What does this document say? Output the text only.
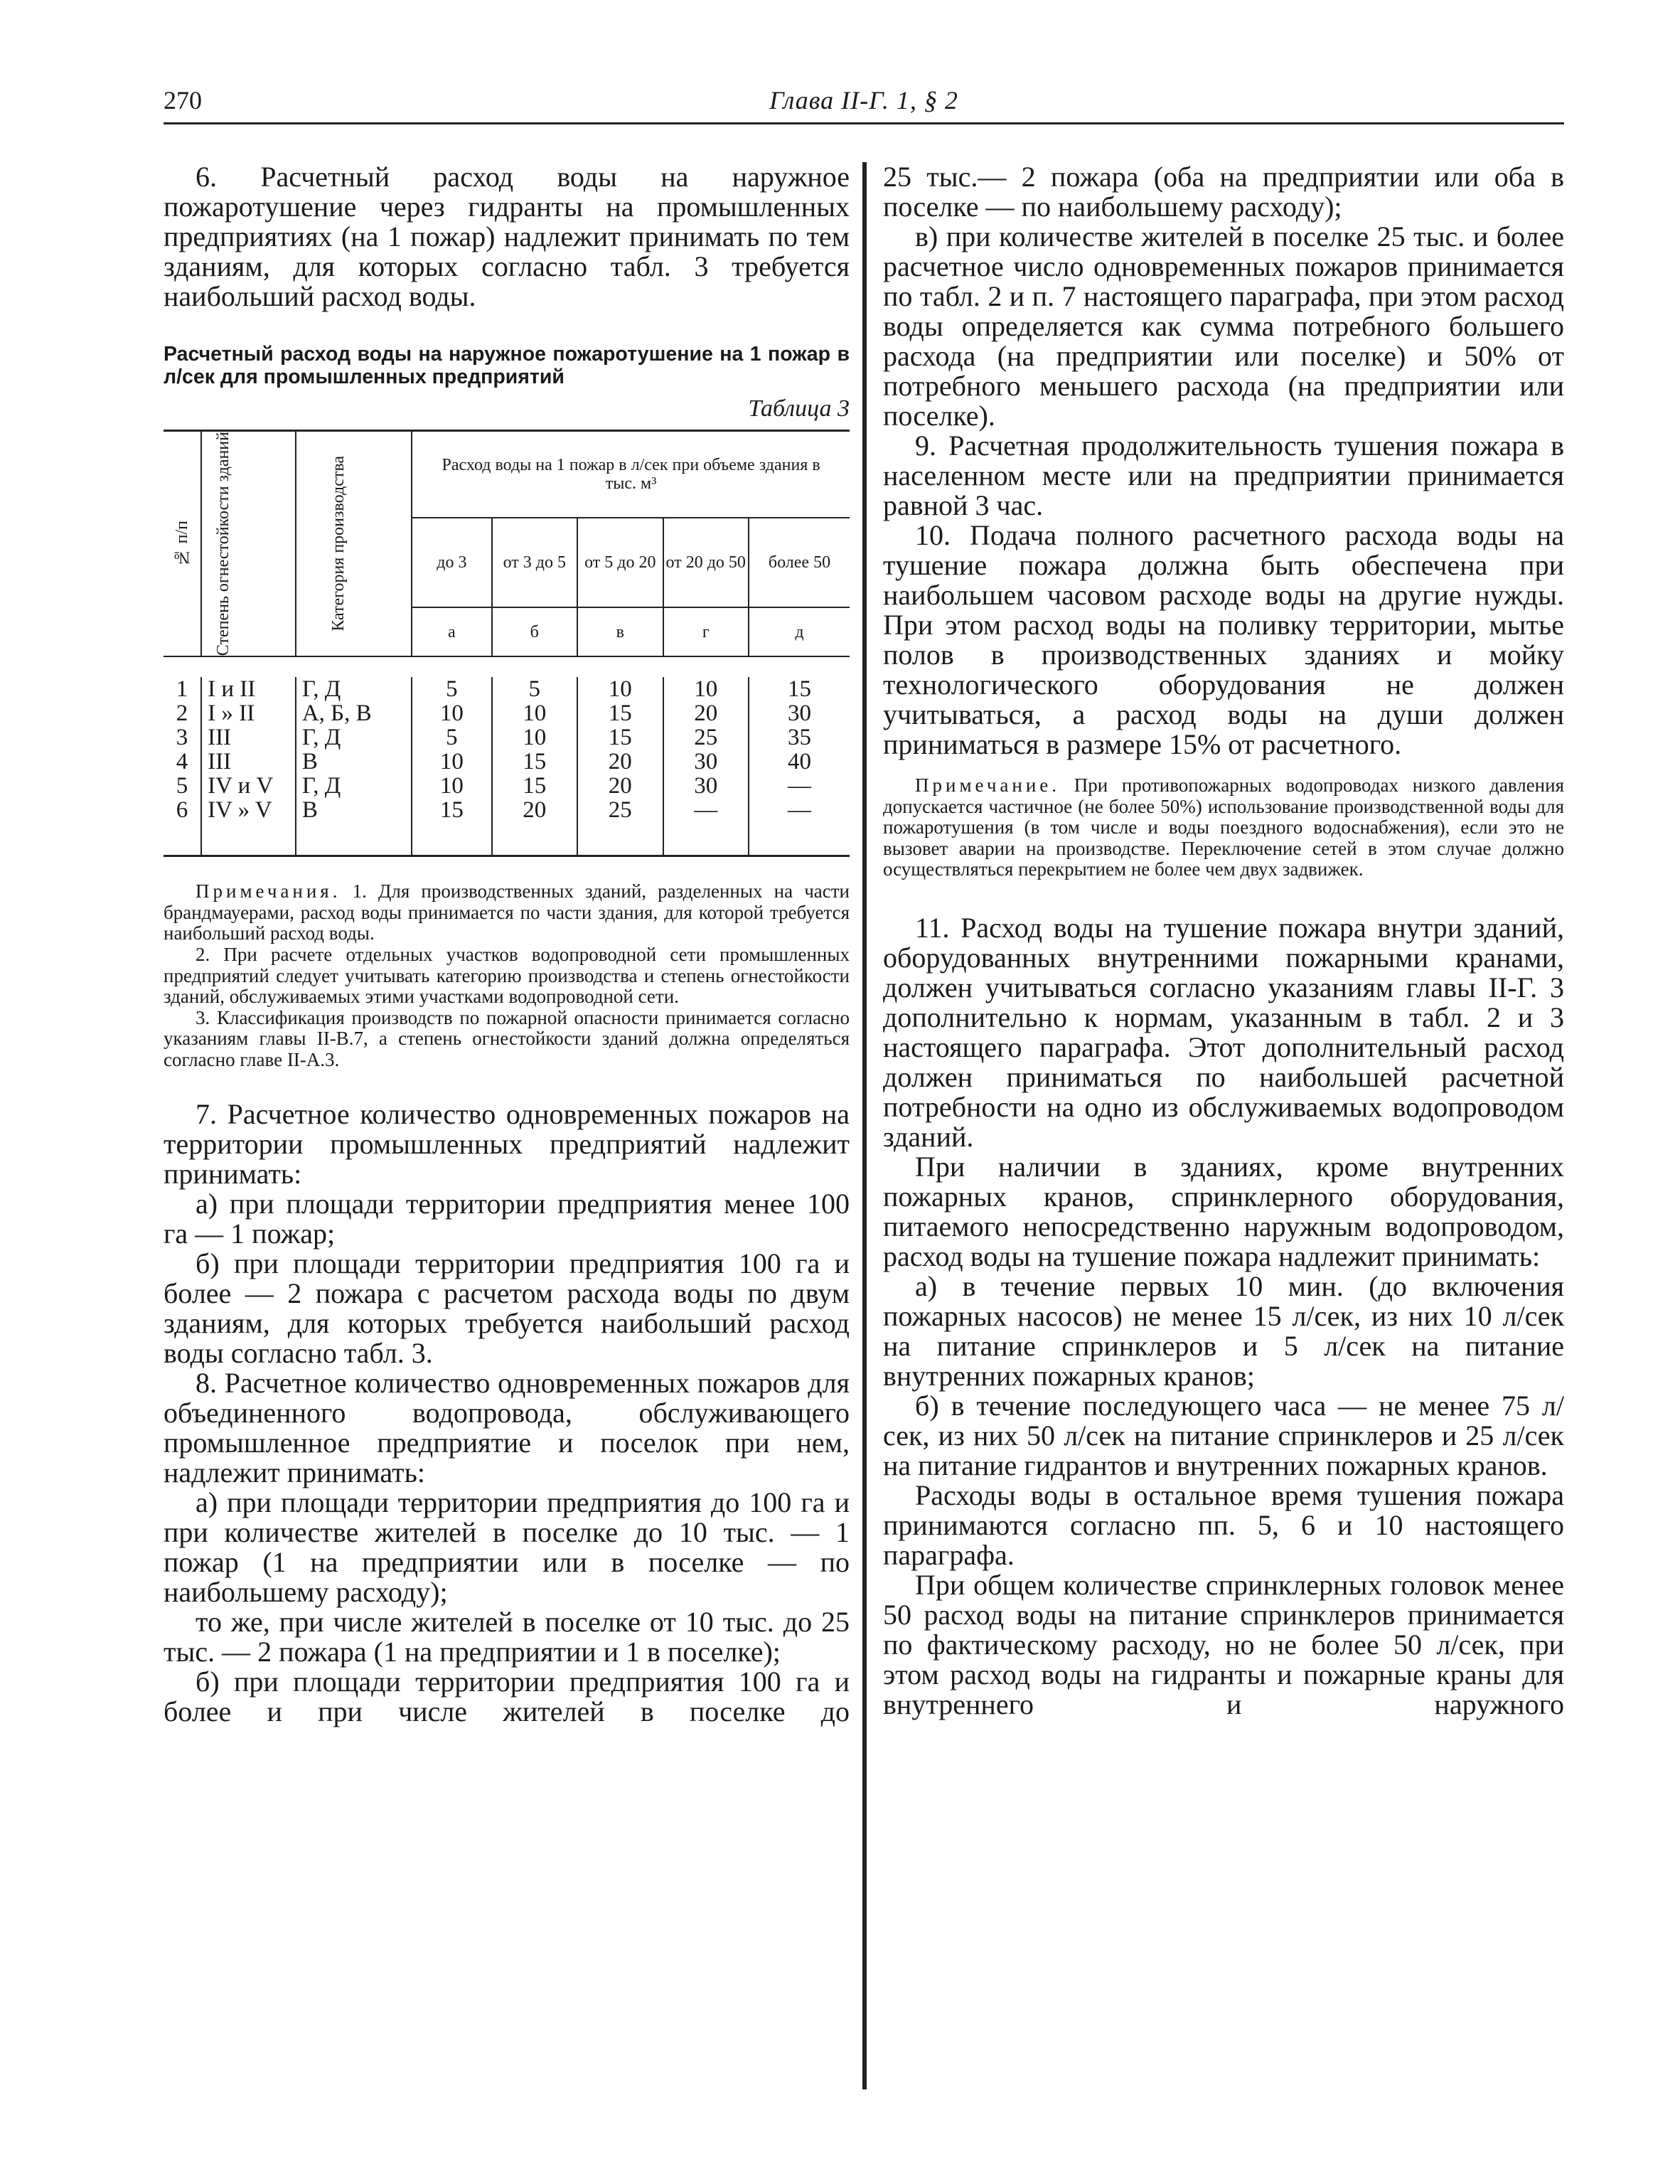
270	Глава II-Г. 1, § 2

6. Расчетный расход воды на наружное пожаротушение через гидранты на промышленных предприятиях (на 1 пожар) надлежит принимать по тем зданиям, для которых согласно табл. 3 требуется наибольший расход воды.

Расчетный расход воды на наружное пожаротушение на 1 пожар в л/сек для промышленных предприятий

Таблица 3
№ п/п	Степень огнестойкости зданий	Категория производства	Расход воды на 1 пожар в л/сек при объеме здания в тыс. м³				
			до 3	от 3 до 5	от 5 до 20	от 20 до 50	более 50
			а	б	в	г	д

1	I и II	Г, Д	5	5	10	10	15
2	I » II	А, Б, В	10	10	15	20	30
3	III	Г, Д	5	10	15	25	35
4	III	В	10	15	20	30	40
5	IV и V	Г, Д	10	15	20	30	—
6	IV » V	В	15	20	25	—	—

Примечания. 1. Для производственных зданий, разделенных на части брандмауерами, расход воды принимается по части здания, для которой требуется наибольший расход воды.

2. При расчете отдельных участков водопроводной сети промышленных предприятий следует учитывать категорию производства и степень огнестойкости зданий, обслуживаемых этими участками водопроводной сети.

3. Классификация производств по пожарной опасности принимается согласно указаниям главы II-В.7, а степень огнестойкости зданий должна определяться согласно главе II-А.3.

7. Расчетное количество одновременных пожаров на территории промышленных предприятий надлежит принимать:

а) при площади территории предприятия менее 100 га — 1 пожар;

б) при площади территории предприятия 100 га и более — 2 пожара с расчетом расхода воды по двум зданиям, для которых требуется наибольший расход воды согласно табл. 3.

8. Расчетное количество одновременных пожаров для объединенного водопровода, обслуживающего промышленное предприятие и поселок при нем, надлежит принимать:

а) при площади территории предприятия до 100 га и при количестве жителей в поселке до 10 тыс. — 1 пожар (1 на предприятии или в поселке — по наибольшему расходу);

то же, при числе жителей в поселке от 10 тыс. до 25 тыс. — 2 пожара (1 на предприятии и 1 в поселке);

б) при площади территории предприятия 100 га и более и при числе жителей в поселке до

25 тыс.— 2 пожара (оба на предприятии или оба в поселке — по наибольшему расходу);

в) при количестве жителей в поселке 25 тыс. и более расчетное число одновременных пожаров принимается по табл. 2 и п. 7 настоящего параграфа, при этом расход воды определяется как сумма потребного большего расхода (на предприятии или поселке) и 50% от потребного меньшего расхода (на предприятии или поселке).

9. Расчетная продолжительность тушения пожара в населенном месте или на предприятии принимается равной 3 час.

10. Подача полного расчетного расхода воды на тушение пожара должна быть обеспечена при наибольшем часовом расходе воды на другие нужды. При этом расход воды на поливку территории, мытье полов в производственных зданиях и мойку технологического оборудования не должен учитываться, а расход воды на души должен приниматься в размере 15% от расчетного.

Примечание. При противопожарных водопроводах низкого давления допускается частичное (не более 50%) использование производственной воды для пожаротушения (в том числе и воды поездного водоснабжения), если это не вызовет аварии на производстве. Переключение сетей в этом случае должно осуществляться перекрытием не более чем двух задвижек.

11. Расход воды на тушение пожара внутри зданий, оборудованных внутренними пожарными кранами, должен учитываться согласно указаниям главы II-Г. 3 дополнительно к нормам, указанным в табл. 2 и 3 настоящего параграфа. Этот дополнительный расход должен приниматься по наибольшей расчетной потребности на одно из обслуживаемых водопроводом зданий.

При наличии в зданиях, кроме внутренних пожарных кранов, спринклерного оборудования, питаемого непосредственно наружным водопроводом, расход воды на тушение пожара надлежит принимать:

а) в течение первых 10 мин. (до включения пожарных насосов) не менее 15 л/сек, из них 10 л/сек на питание спринклеров и 5 л/сек на питание внутренних пожарных кранов;

б) в течение последующего часа — не менее 75 л/сек, из них 50 л/сек на питание спринклеров и 25 л/сек на питание гидрантов и внутренних пожарных кранов.

Расходы воды в остальное время тушения пожара принимаются согласно пп. 5, 6 и 10 настоящего параграфа.

При общем количестве спринклерных головок менее 50 расход воды на питание спринклеров принимается по фактическому расходу, но не более 50 л/сек, при этом расход воды на гидранты и пожарные краны для внутреннего и наружного
